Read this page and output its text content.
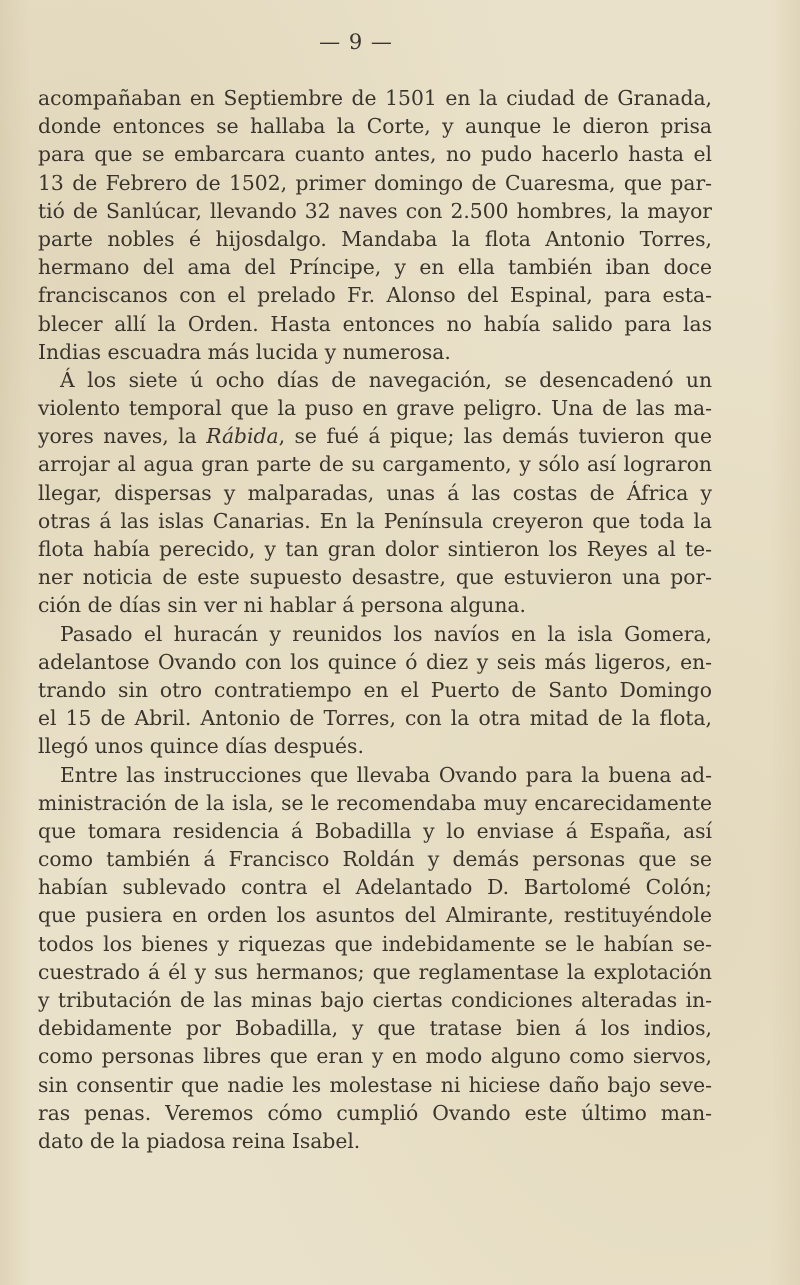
— 9 —
acompañaban en Septiembre de 1501 en la ciudad de Granada,
donde entonces se hallaba la Corte, y aunque le dieron prisa
para que se embarcara cuanto antes, no pudo hacerlo hasta el
13 de Febrero de 1502, primer domingo de Cuaresma, que par-
tió de Sanlúcar, llevando 32 naves con 2.500 hombres, la mayor
parte nobles é hijosdalgo. Mandaba la flota Antonio Torres,
hermano del ama del Príncipe, y en ella también iban doce
franciscanos con el prelado Fr. Alonso del Espinal, para esta-
blecer allí la Orden. Hasta entonces no había salido para las
Indias escuadra más lucida y numerosa.
Á los siete ú ocho días de navegación, se desencadenó un
violento temporal que la puso en grave peligro. Una de las ma-
yores naves, la Rábida, se fué á pique; las demás tuvieron que
arrojar al agua gran parte de su cargamento, y sólo así lograron
llegar, dispersas y malparadas, unas á las costas de África y
otras á las islas Canarias. En la Península creyeron que toda la
flota había perecido, y tan gran dolor sintieron los Reyes al te-
ner noticia de este supuesto desastre, que estuvieron una por-
ción de días sin ver ni hablar á persona alguna.
Pasado el huracán y reunidos los navíos en la isla Gomera,
adelantose Ovando con los quince ó diez y seis más ligeros, en-
trando sin otro contratiempo en el Puerto de Santo Domingo
el 15 de Abril. Antonio de Torres, con la otra mitad de la flota,
llegó unos quince días después.
Entre las instrucciones que llevaba Ovando para la buena ad-
ministración de la isla, se le recomendaba muy encarecidamente
que tomara residencia á Bobadilla y lo enviase á España, así
como también á Francisco Roldán y demás personas que se
habían sublevado contra el Adelantado D. Bartolomé Colón;
que pusiera en orden los asuntos del Almirante, restituyéndole
todos los bienes y riquezas que indebidamente se le habían se-
cuestrado á él y sus hermanos; que reglamentase la explotación
y tributación de las minas bajo ciertas condiciones alteradas in-
debidamente por Bobadilla, y que tratase bien á los indios,
como personas libres que eran y en modo alguno como siervos,
sin consentir que nadie les molestase ni hiciese daño bajo seve-
ras penas. Veremos cómo cumplió Ovando este último man-
dato de la piadosa reina Isabel.
